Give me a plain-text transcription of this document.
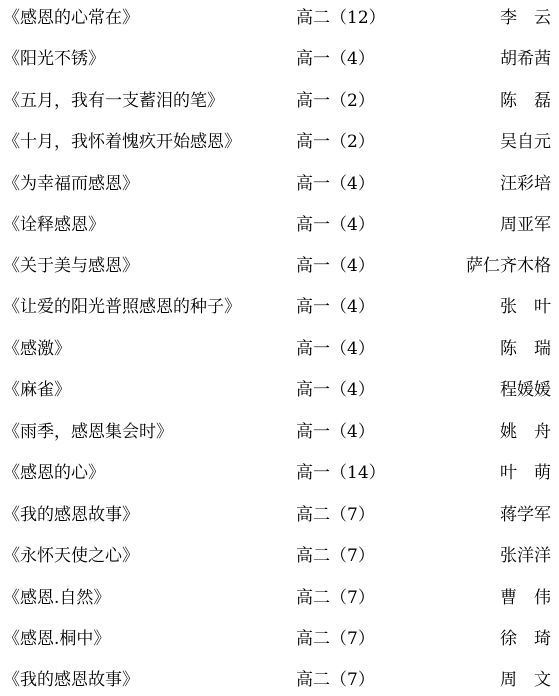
《感恩的心常在》	高二（12）	李　云
《阳光不锈》	高一（4）	胡希茜
《五月，我有一支蓄泪的笔》	高一（2）	陈　磊
《十月，我怀着愧疚开始感恩》	高一（2）	吴自元
《为幸福而感恩》	高一（4）	汪彩培
《诠释感恩》	高一（4）	周亚军
《关于美与感恩》	高一（4）	萨仁齐木格
《让爱的阳光普照感恩的种子》	高一（4）	张　叶
《感激》	高一（4）	陈　瑞
《麻雀》	高一（4）	程媛媛
《雨季，感恩集会时》	高一（4）	姚　舟
《感恩的心》	高一（14）	叶　萌
《我的感恩故事》	高二（7）	蒋学军
《永怀天使之心》	高二（7）	张洋洋
《感恩.自然》	高二（7）	曹　伟
《感恩.桐中》	高二（7）	徐　琦
《我的感恩故事》	高二（7）	周　文
